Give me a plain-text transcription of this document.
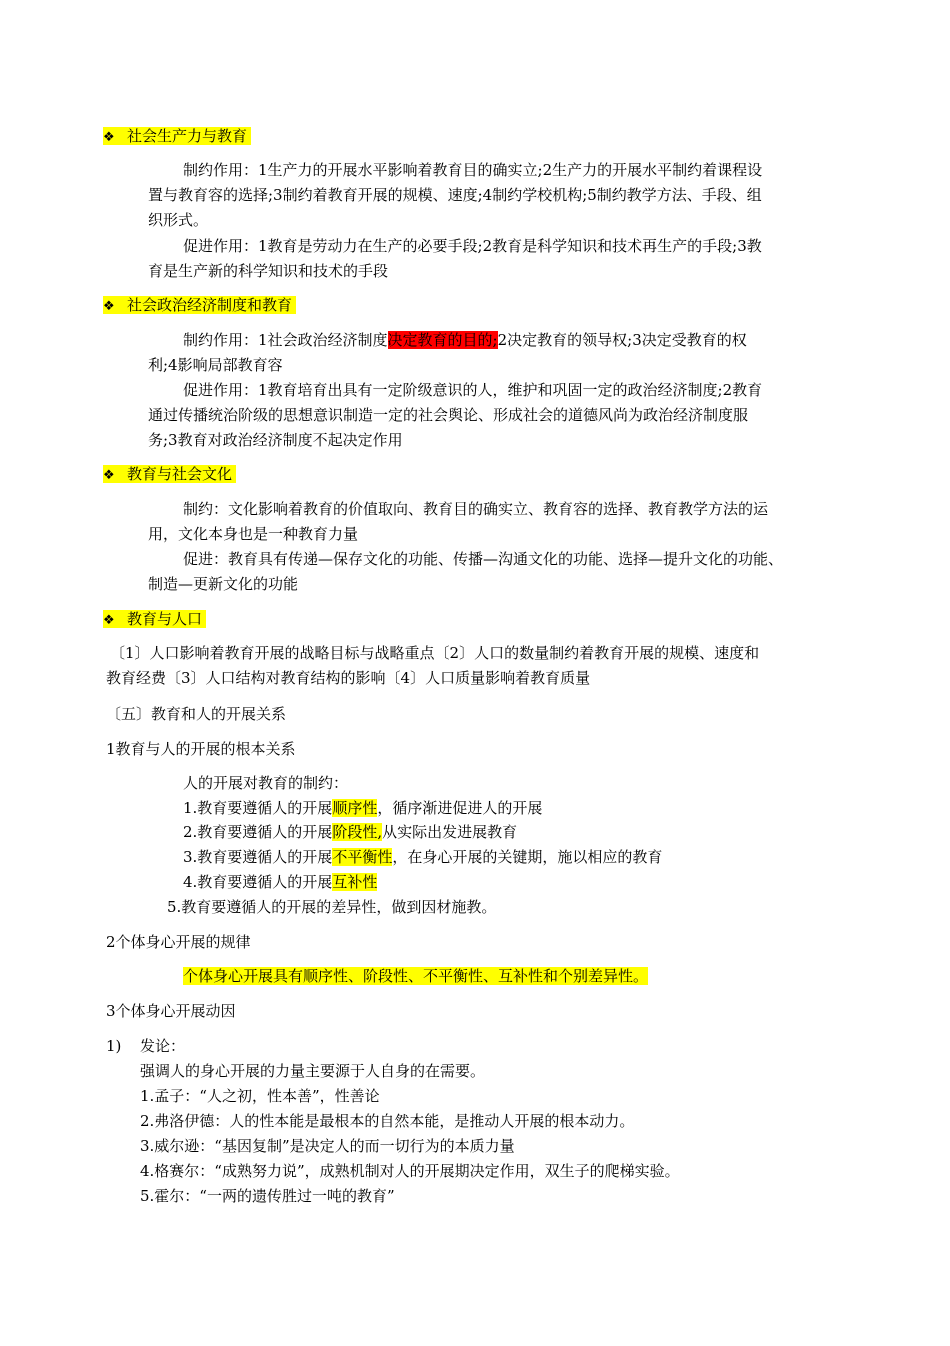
❖ 社会生产力与教育
制约作用：1生产力的开展水平影响着教育目的确实立;2生产力的开展水平制约着课程设
置与教育容的选择;3制约着教育开展的规模、速度;4制约学校机构;5制约教学方法、手段、组
织形式。
促进作用：1教育是劳动力在生产的必要手段;2教育是科学知识和技术再生产的手段;3教
育是生产新的科学知识和技术的手段
❖ 社会政治经济制度和教育
制约作用：1社会政治经济制度决定教育的目的;2决定教育的领导权;3决定受教育的权
利;4影响局部教育容
促进作用：1教育培育出具有一定阶级意识的人，维护和巩固一定的政治经济制度;2教育
通过传播统治阶级的思想意识制造一定的社会舆论、形成社会的道德风尚为政治经济制度服
务;3教育对政治经济制度不起决定作用
❖ 教育与社会文化
制约：文化影响着教育的价值取向、教育目的确实立、教育容的选择、教育教学方法的运
用，文化本身也是一种教育力量
促进：教育具有传递—保存文化的功能、传播—沟通文化的功能、选择—提升文化的功能、
制造—更新文化的功能
❖ 教育与人口
〔1〕人口影响着教育开展的战略目标与战略重点〔2〕人口的数量制约着教育开展的规模、速度和
教育经费〔3〕人口结构对教育结构的影响〔4〕人口质量影响着教育质量
〔五〕教育和人的开展关系
1教育与人的开展的根本关系
人的开展对教育的制约：
1.教育要遵循人的开展顺序性，循序渐进促进人的开展
2.教育要遵循人的开展阶段性,从实际出发进展教育
3.教育要遵循人的开展不平衡性，在身心开展的关键期，施以相应的教育
4.教育要遵循人的开展互补性
5.教育要遵循人的开展的差异性，做到因材施教。
2个体身心开展的规律
个体身心开展具有顺序性、阶段性、不平衡性、互补性和个别差异性。
3个体身心开展动因
1) 发论：
强调人的身心开展的力量主要源于人自身的在需要。
1.孟子：“人之初，性本善”，性善论
2.弗洛伊德：人的性本能是最根本的自然本能，是推动人开展的根本动力。
3.威尔逊：“基因复制”是决定人的而一切行为的本质力量
4.格赛尔：“成熟努力说”，成熟机制对人的开展期决定作用，双生子的爬梯实验。
5.霍尔：“一两的遗传胜过一吨的教育”
